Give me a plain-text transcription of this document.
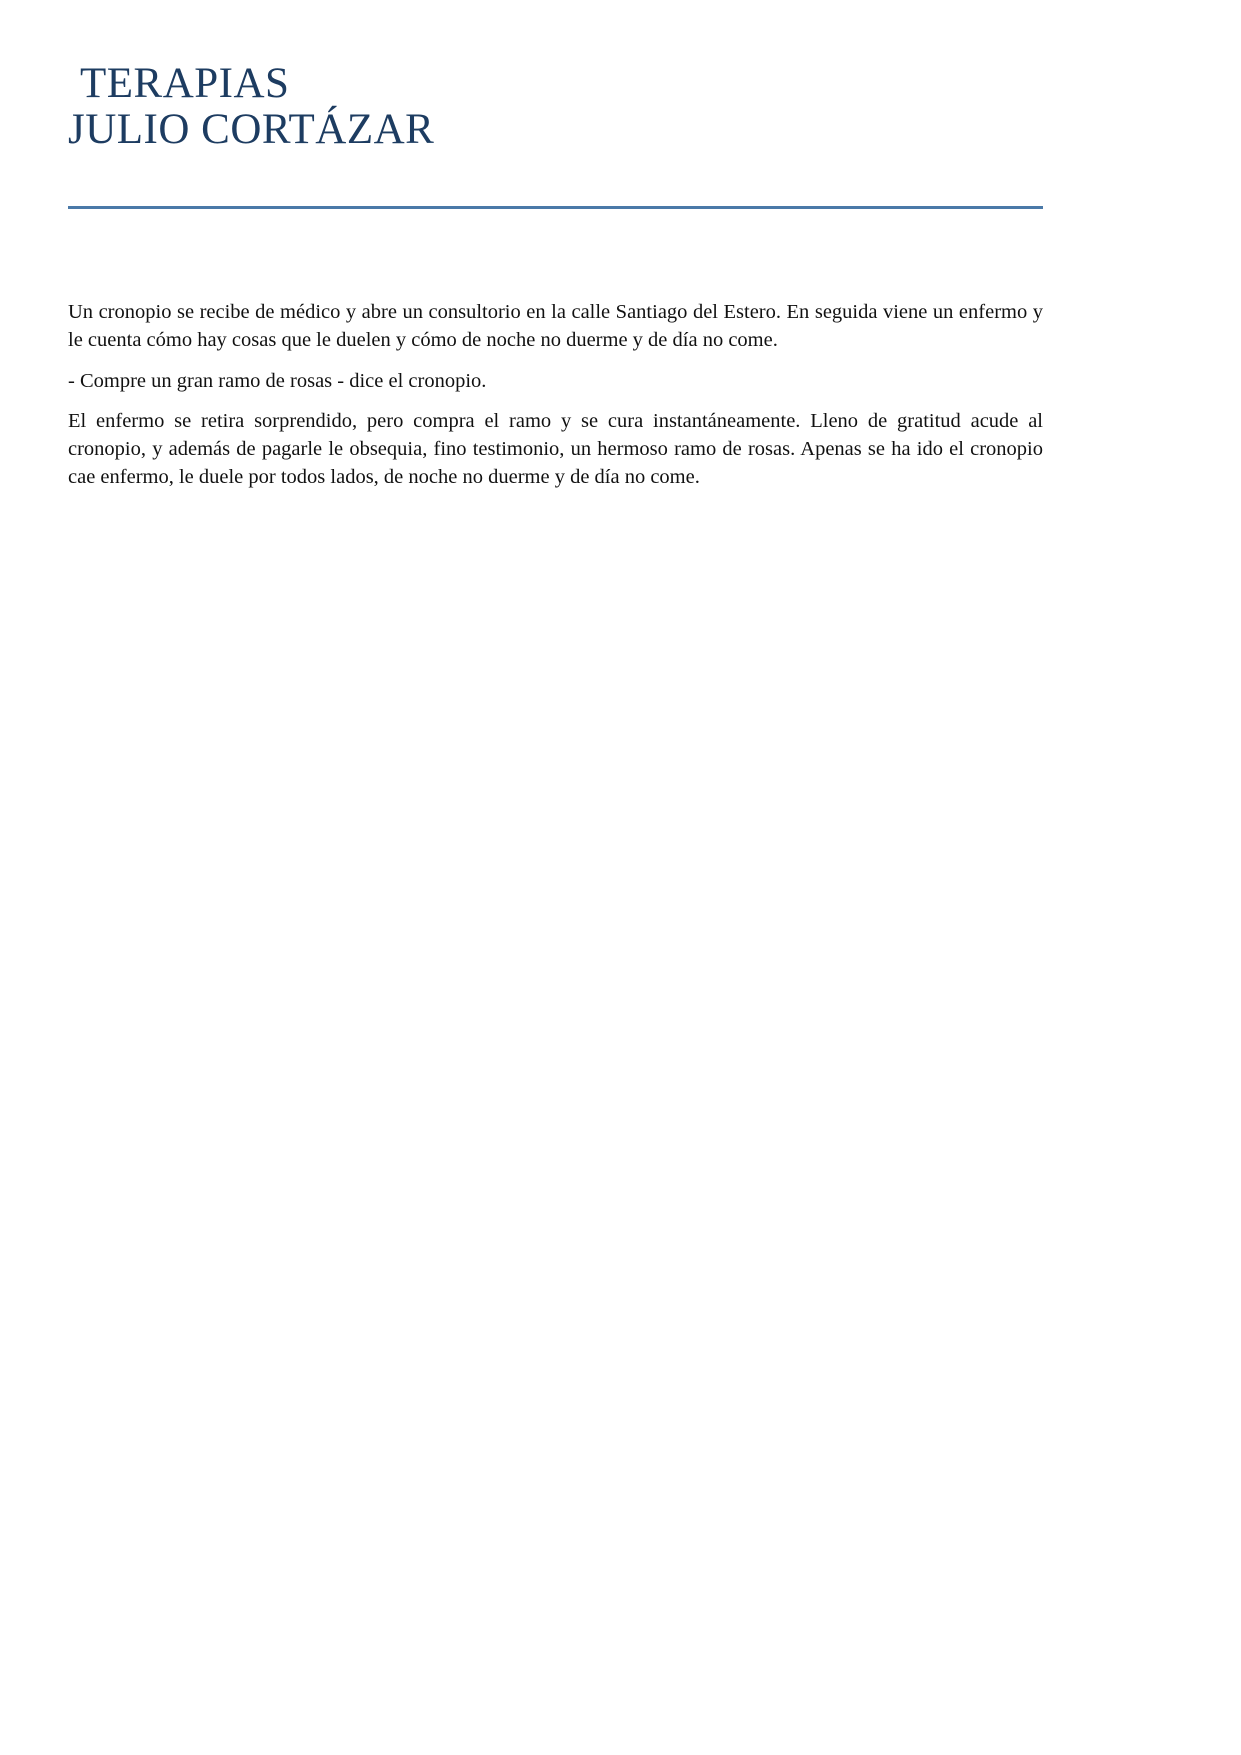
TERAPIAS
JULIO CORTÁZAR

Un cronopio se recibe de médico y abre un consultorio en la calle Santiago del Estero. En seguida viene un enfermo y le cuenta cómo hay cosas que le duelen y cómo de noche no duerme y de día no come.

- Compre un gran ramo de rosas - dice el cronopio.

El enfermo se retira sorprendido, pero compra el ramo y se cura instantáneamente. Lleno de gratitud acude al cronopio, y además de pagarle le obsequia, fino testimonio, un hermoso ramo de rosas. Apenas se ha ido el cronopio cae enfermo, le duele por todos lados, de noche no duerme y de día no come.
